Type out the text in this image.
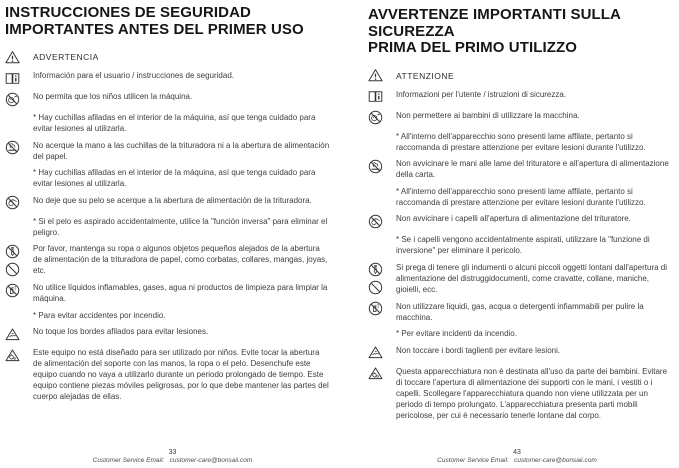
INSTRUCCIONES DE SEGURIDAD
IMPORTANTES ANTES DEL PRIMER USO

ADVERTENCIA

Información para el usuario / instrucciones de seguridad.

No permita que los niños utilicen la máquina.

* Hay cuchillas afiladas en el interior de la máquina, así que tenga cuidado para evitar lesiones al utilizarla.

No acerque la mano a las cuchillas de la trituradora ni a la abertura de alimentación del papel.

* Hay cuchillas afiladas en el interior de la máquina, así que tenga cuidado para evitar lesiones al utilizarla.

No deje que su pelo se acerque a la abertura de alimentación de la trituradora.

* Si el pelo es aspirado accidentalmente, utilice la "función inversa" para eliminar el peligro.

Por favor, mantenga su ropa o algunos objetos pequeños alejados de la abertura de alimentación de la trituradora de papel, como corbatas, collares, mangas, joyas, etc.

No utilice líquidos inflamables, gases, agua ni productos de limpieza para limpiar la máquina.

* Para evitar accidentes por incendio.

No toque los bordes afilados para evitar lesiones.

Este equipo no está diseñado para ser utilizado por niños. Evite tocar la abertura de alimentación del soporte con las manos, la ropa o el pelo. Desenchufe este equipo cuando no vaya a utilizarlo durante un periodo prolongado de tiempo. Este equipo contiene piezas móviles peligrosas, por lo que debe mantener las partes del cuerpo alejadas de ellas.

AVVERTENZE IMPORTANTI SULLA SICUREZZA
PRIMA DEL PRIMO UTILIZZO

ATTENZIONE

Informazioni per l'utente / istruzioni di sicurezza.

Non permettere ai bambini di utilizzare la macchina.

* All'interno dell'apparecchio sono presenti lame affilate, pertanto si raccomanda di prestare attenzione per evitare lesioni durante l'utilizzo.

Non avvicinare le mani alle lame del trituratore e all'apertura di alimentazione della carta.

* All'interno dell'apparecchio sono presenti lame affilate, pertanto si raccomanda di prestare attenzione per evitare lesioni durante l'utilizzo.

Non avvicinare i capelli all'apertura di alimentazione del trituratore.

* Se i capelli vengono accidentalmente aspirati, utilizzare la "funzione di inversione" per eliminare il pericolo.

Si prega di tenere gli indumenti o alcuni piccoli oggetti lontani dall'apertura di alimentazione del distruggidocumenti, come cravatte, collane, maniche, gioielli, ecc.

Non utilizzare liquidi, gas, acqua o detergenti infiammabili per pulire la macchina.

* Per evitare incidenti da incendio.

Non toccare i bordi taglienti per evitare lesioni.

Questa apparecchiatura non è destinata all'uso da parte dei bambini. Evitare di toccare l'apertura di alimentazione dei supporti con le mani, i vestiti o i capelli. Scollegare l'apparecchiatura quando non viene utilizzata per un periodo di tempo prolungato. L'apparecchiatura presenta parti mobili pericolose, per cui è necessario tenerle lontane dal corpo.

33
Customer Service Email:   customer-care@bonsaii.com
43
Customer Service Email:   customer-care@bonsaii.com
